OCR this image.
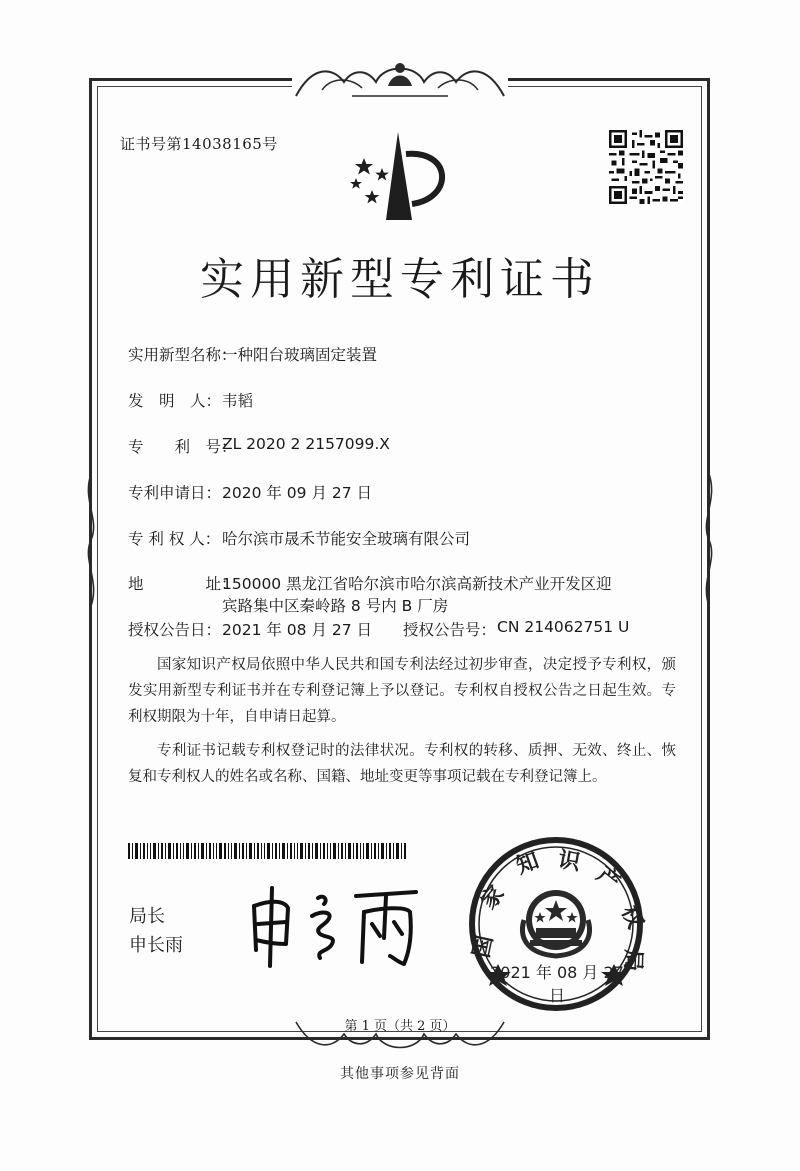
证书号第14038165号
实用新型专利证书
实用新型名称：
一种阳台玻璃固定装置
发　明　人： 韦韬
专　　利　号：
ZL 2020 2 2157099.X
专利申请日： 2020 年 09 月 27 日
专 利 权 人： 哈尔滨市晟禾节能安全玻璃有限公司
地　　　　址：
150000 黑龙江省哈尔滨市哈尔滨高新技术产业开发区迎
宾路集中区秦岭路 8 号内 B 厂房
授权公告日： 2021 年 08 月 27 日 授权公告号： CN 214062751 U
国家知识产权局依照中华人民共和国专利法经过初步审查，决定授予专利权，颁发实用新型专利证书并在专利登记簿上予以登记。专利权自授权公告之日起生效。专利权期限为十年，自申请日起算。
专利证书记载专利权登记时的法律状况。专利权的转移、质押、无效、终止、恢复和专利权人的姓名或名称、国籍、地址变更等事项记载在专利登记簿上。
局长
申长雨	国
家
知 识
产
权
局
2021 年 08 月 27 日
第 1 页（共 2 页）
其他事项参见背面
